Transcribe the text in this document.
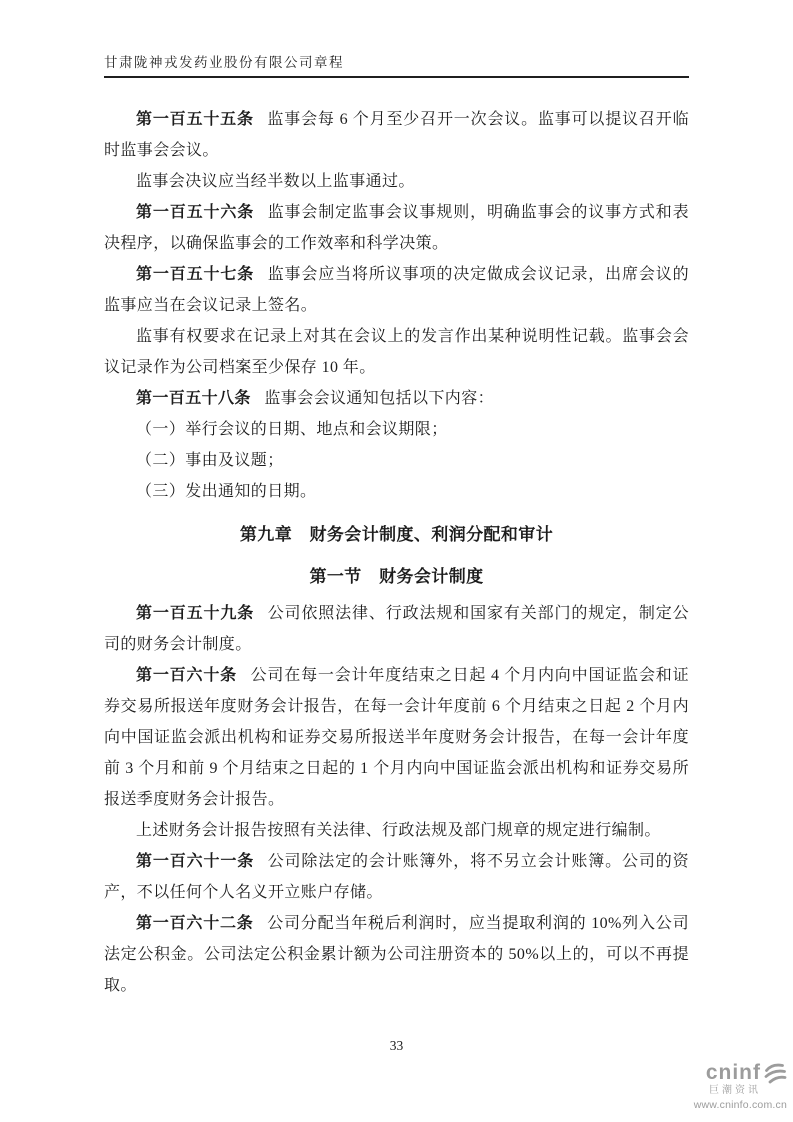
甘肃陇神戎发药业股份有限公司章程

第一百五十五条 监事会每 6 个月至少召开一次会议。监事可以提议召开临时监事会会议。

监事会决议应当经半数以上监事通过。

第一百五十六条 监事会制定监事会议事规则，明确监事会的议事方式和表决程序，以确保监事会的工作效率和科学决策。

第一百五十七条 监事会应当将所议事项的决定做成会议记录，出席会议的监事应当在会议记录上签名。

监事有权要求在记录上对其在会议上的发言作出某种说明性记载。监事会会议记录作为公司档案至少保存 10 年。

第一百五十八条 监事会会议通知包括以下内容：

（一）举行会议的日期、地点和会议期限；

（二）事由及议题；

（三）发出通知的日期。

第九章　财务会计制度、利润分配和审计
第一节　财务会计制度

第一百五十九条 公司依照法律、行政法规和国家有关部门的规定，制定公司的财务会计制度。

第一百六十条 公司在每一会计年度结束之日起 4 个月内向中国证监会和证券交易所报送年度财务会计报告，在每一会计年度前 6 个月结束之日起 2 个月内向中国证监会派出机构和证券交易所报送半年度财务会计报告，在每一会计年度前 3 个月和前 9 个月结束之日起的 1 个月内向中国证监会派出机构和证券交易所报送季度财务会计报告。

上述财务会计报告按照有关法律、行政法规及部门规章的规定进行编制。

第一百六十一条 公司除法定的会计账簿外，将不另立会计账簿。公司的资产，不以任何个人名义开立账户存储。

第一百六十二条 公司分配当年税后利润时，应当提取利润的 10%列入公司法定公积金。公司法定公积金累计额为公司注册资本的 50%以上的，可以不再提取。

33
cninf
巨潮资讯
www.cninfo.com.cn
